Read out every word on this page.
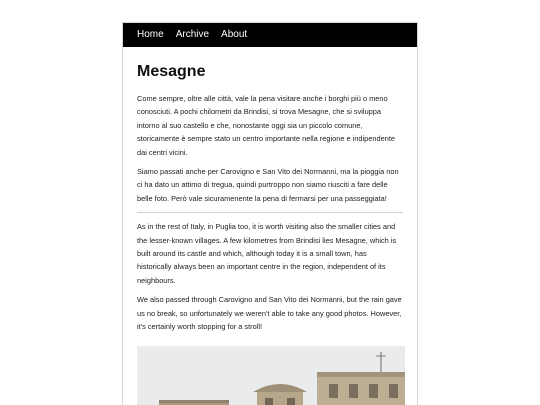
Home Archive About
Mesagne

Come sempre, oltre alle città, vale la pena visitare anche i borghi più o meno conosciuti. A pochi chilometri da Brindisi, si trova Mesagne, che si sviluppa intorno al suo castello e che, nonostante oggi sia un piccolo comune, storicamente è sempre stato un centro importante nella regione e indipendente dai centri vicini.

Siamo passati anche per Carovigno e San Vito dei Normanni, ma la pioggia non ci ha dato un attimo di tregua, quindi purtroppo non siamo riusciti a fare delle belle foto. Però vale sicuramenente la pena di fermarsi per una passeggiata!

As in the rest of Italy, in Puglia too, it is worth visiting also the smaller cities and the lesser-known villages. A few kilometres from Brindisi lies Mesagne, which is built around its castle and which, although today it is a small town, has historically always been an important centre in the region, independent of its neighbours.

We also passed through Carovigno and San Vito dei Normanni, but the rain gave us no break, so unfortunately we weren't able to take any good photos. However, it's certainly worth stopping for a stroll!
